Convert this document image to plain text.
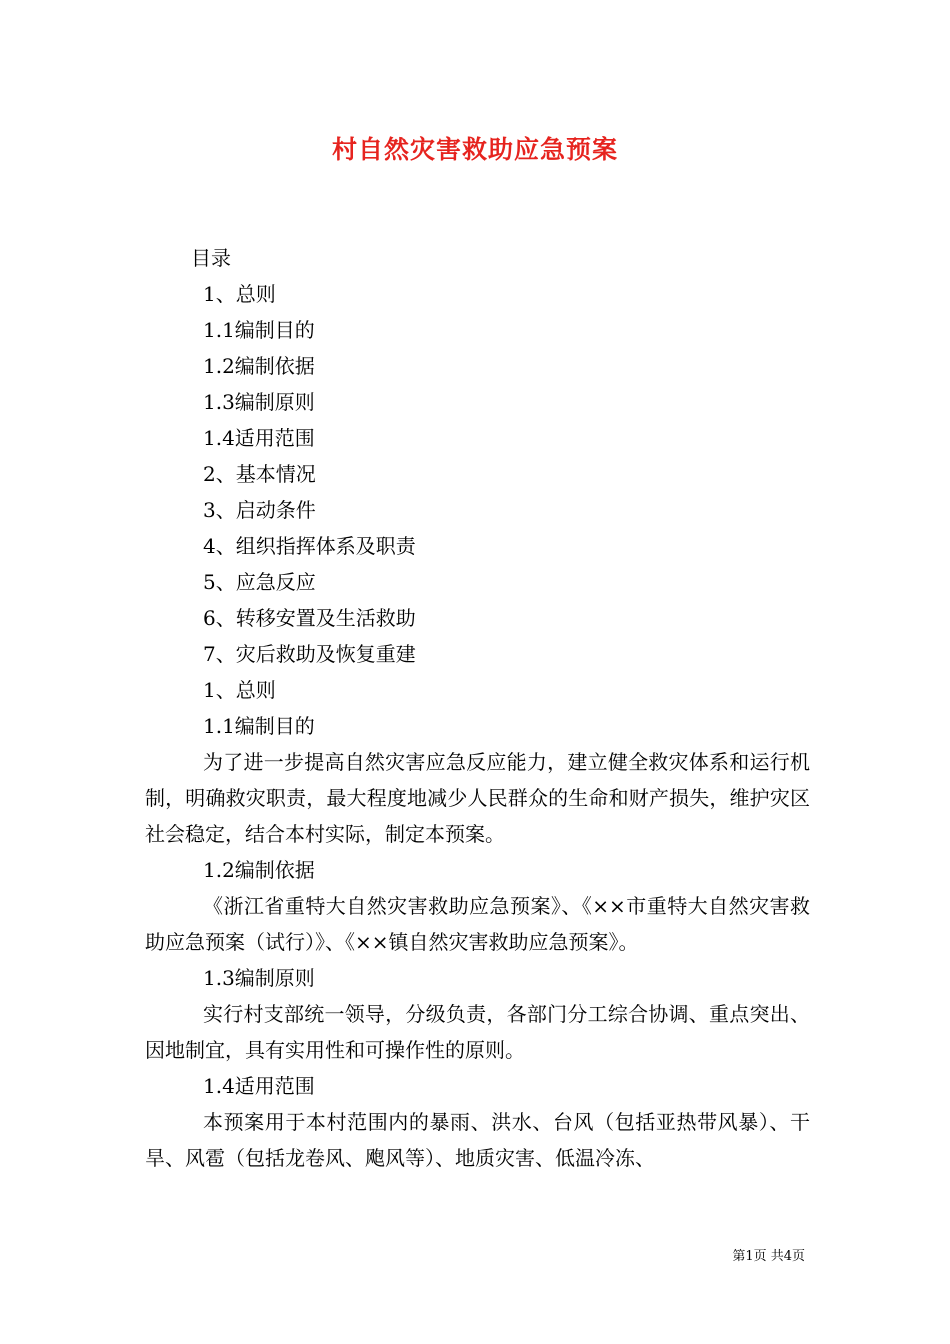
村自然灾害救助应急预案
目录
1、总则
1.1编制目的
1.2编制依据
1.3编制原则
1.4适用范围
2、基本情况
3、启动条件
4、组织指挥体系及职责
5、应急反应
6、转移安置及生活救助
7、灾后救助及恢复重建
1、总则
1.1编制目的
为了进一步提高自然灾害应急反应能力，建立健全救灾体系和运行机制，明确救灾职责，最大程度地减少人民群众的生命和财产损失，维护灾区社会稳定，结合本村实际，制定本预案。
1.2编制依据
《浙江省重特大自然灾害救助应急预案》、《××市重特大自然灾害救助应急预案（试行）》、《××镇自然灾害救助应急预案》。
1.3编制原则
实行村支部统一领导，分级负责，各部门分工综合协调、重点突出、因地制宜，具有实用性和可操作性的原则。
1.4适用范围
本预案用于本村范围内的暴雨、洪水、台风（包括亚热带风暴）、干旱、风雹（包括龙卷风、飑风等）、地质灾害、低温冷冻、
第1页 共4页
